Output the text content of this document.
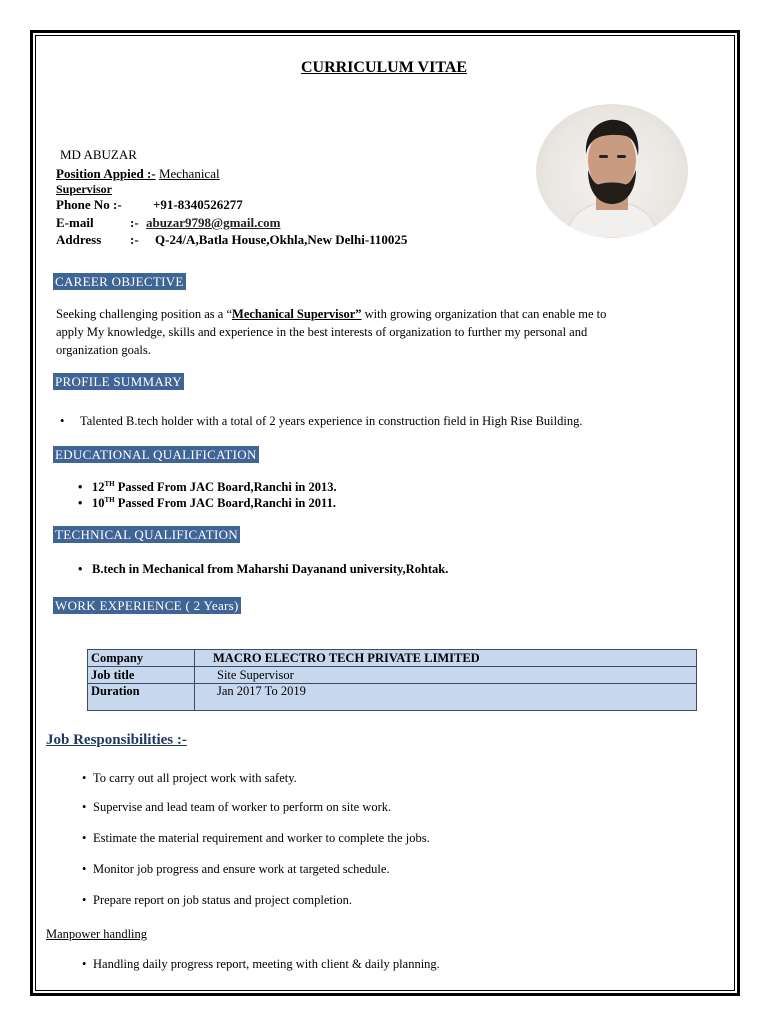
CURRICULUM VITAE
MD ABUZAR
Position Appied :- Mechanical
Supervisor
Phone No :- +91-8340526277
E-mail	:- abuzar9798@gmail.com
Address :- Q-24/A,Batla House,Okhla,New Delhi-110025
CAREER OBJECTIVE
Seeking challenging position as a “Mechanical Supervisor” with growing organization that can enable me to
apply My knowledge, skills and experience in the best interests of organization to further my personal and
organization goals.
PROFILE SUMMARY
• Talented B.tech holder with a total of 2 years experience in construction field in High Rise Building.
EDUCATIONAL QUALIFICATION
• 12TH Passed From JAC Board,Ranchi in 2013.
• 10TH Passed From JAC Board,Ranchi in 2011.
TECHNICAL QUALIFICATION
• B.tech in Mechanical from Maharshi Dayanand university,Rohtak.
WORK EXPERIENCE ( 2 Years)
Company	MACRO ELECTRO TECH PRIVATE LIMITED
Job title	Site Supervisor
Duration	Jan 2017 To 2019
Job Responsibilities :-
• To carry out all project work with safety.
• Supervise and lead team of worker to perform on site work.
• Estimate the material requirement and worker to complete the jobs.
• Monitor job progress and ensure work at targeted schedule.
• Prepare report on job status and project completion.
Manpower handling
• Handling daily progress report, meeting with client & daily planning.
